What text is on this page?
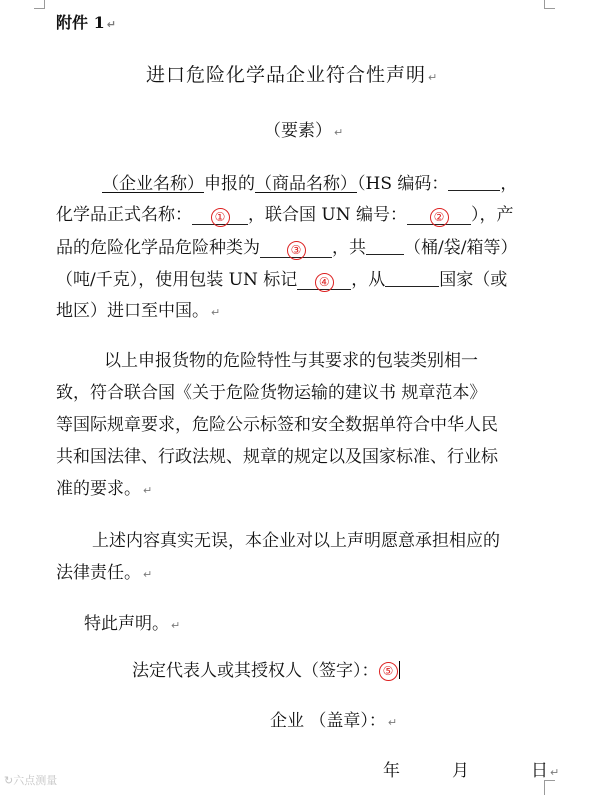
附件 1 ↵
进口危险化学品企业符合性声明 ↵
（要素） ↵
（企业名称）申报的（商品名称）（HS 编码：	，
化学品正式名称： ① ，联合国 UN 编号： ② ），产
品的危险化学品危险种类为	③ ，共 （桶/袋/箱等）
（吨/千克），使用包装 UN 标记 ④ ，从	国家（或
地区）进口至中国。 ↵
以上申报货物的危险特性与其要求的包装类别相一
致，符合联合国《关于危险货物运输的建议书 规章范本》
等国际规章要求，危险公示标签和安全数据单符合中华人民
共和国法律、行政法规、规章的规定以及国家标准、行业标
准的要求。 ↵
上述内容真实无误，本企业对以上声明愿意承担相应的
法律责任。 ↵
特此声明。 ↵
法定代表人或其授权人（签字）： ⑤
企业 （盖章）： ↵
年	月	日 ↵
↻六点测量
